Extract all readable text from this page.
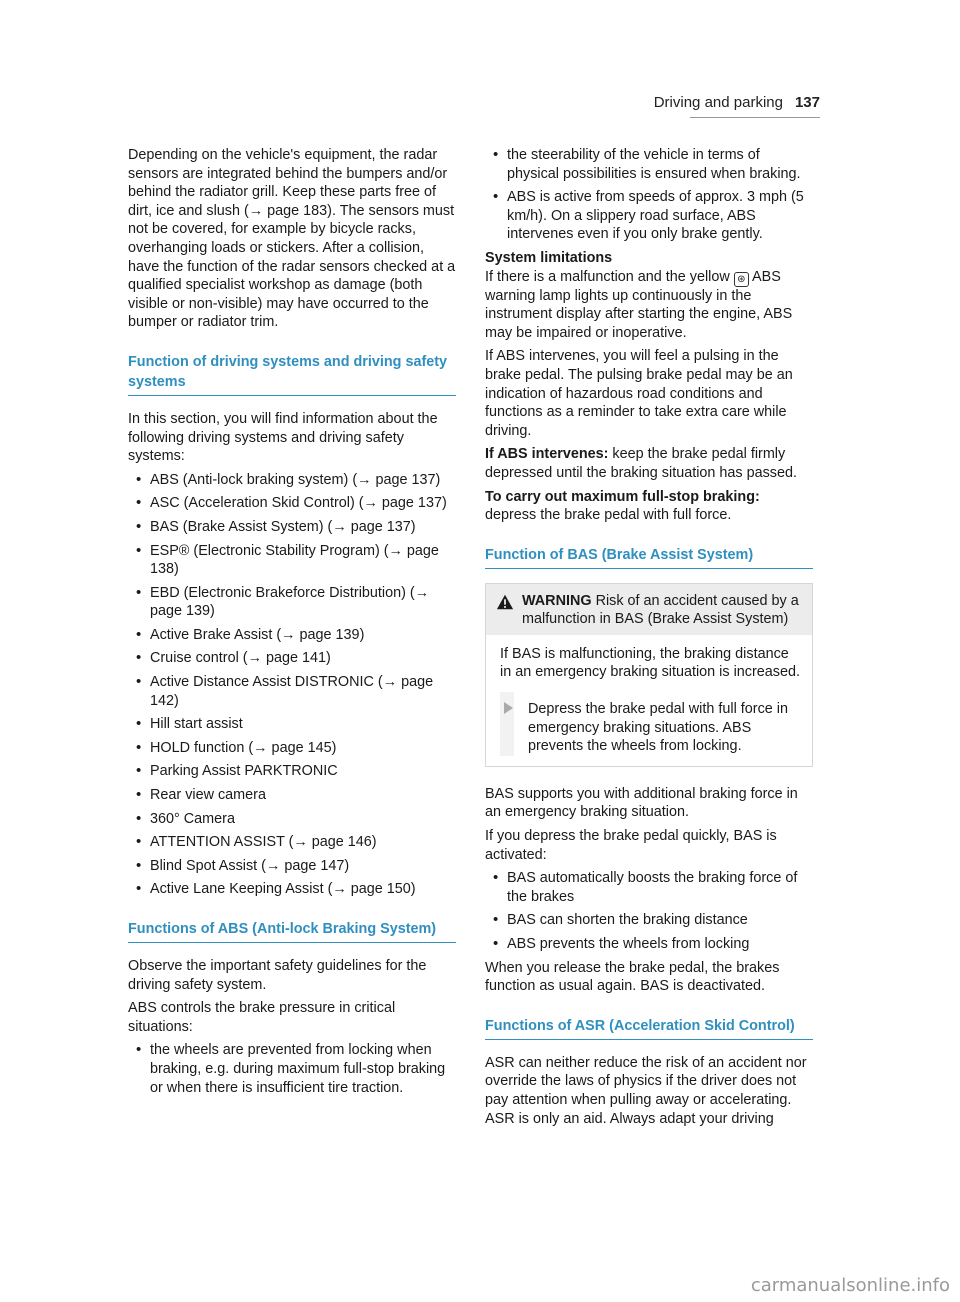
Driving and parking 137

Depending on the vehicle's equipment, the radar sensors are integrated behind the bumpers and/or behind the radiator grill. Keep these parts free of dirt, ice and slush (→ page 183). The sensors must not be covered, for example by bicycle racks, overhanging loads or stickers. After a collision, have the function of the radar sensors checked at a qualified specialist workshop as damage (both visible or non-visible) may have occurred to the bumper or radiator trim.

Function of driving systems and driving safety systems

In this section, you will find information about the following driving systems and driving safety systems:

• ABS (Anti-lock braking system) (→ page 137)
• ASC (Acceleration Skid Control) (→ page 137)
• BAS (Brake Assist System) (→ page 137)
• ESP® (Electronic Stability Program) (→ page 138)
• EBD (Electronic Brakeforce Distribution) (→ page 139)
• Active Brake Assist (→ page 139)
• Cruise control (→ page 141)
• Active Distance Assist DISTRONIC (→ page 142)
• Hill start assist
• HOLD function (→ page 145)
• Parking Assist PARKTRONIC
• Rear view camera
• 360° Camera
• ATTENTION ASSIST (→ page 146)
• Blind Spot Assist (→ page 147)
• Active Lane Keeping Assist (→ page 150)
Functions of ABS (Anti-lock Braking System)

Observe the important safety guidelines for the driving safety system.

ABS controls the brake pressure in critical situations:

• the wheels are prevented from locking when braking, e.g. during maximum full-stop braking or when there is insufficient tire traction.
• the steerability of the vehicle in terms of physical possibilities is ensured when braking.
• ABS is active from speeds of approx. 3 mph (5 km/h). On a slippery road surface, ABS intervenes even if you only brake gently.

System limitations

If there is a malfunction and the yellow ⊛ ABS warning lamp lights up continuously in the instrument display after starting the engine, ABS may be impaired or inoperative.

If ABS intervenes, you will feel a pulsing in the brake pedal. The pulsing brake pedal may be an indication of hazardous road conditions and functions as a reminder to take extra care while driving.

If ABS intervenes: keep the brake pedal firmly depressed until the braking situation has passed.

To carry out maximum full-stop braking:
depress the brake pedal with full force.

Function of BAS (Brake Assist System)
WARNING Risk of an accident caused by a malfunction in BAS (Brake Assist System)

If BAS is malfunctioning, the braking distance in an emergency braking situation is increased.

Depress the brake pedal with full force in emergency braking situations. ABS prevents the wheels from locking.

BAS supports you with additional braking force in an emergency braking situation.

If you depress the brake pedal quickly, BAS is activated:

• BAS automatically boosts the braking force of the brakes
• BAS can shorten the braking distance
• ABS prevents the wheels from locking

When you release the brake pedal, the brakes function as usual again. BAS is deactivated.

Functions of ASR (Acceleration Skid Control)

ASR can neither reduce the risk of an accident nor override the laws of physics if the driver does not pay attention when pulling away or accelerating. ASR is only an aid. Always adapt your driving

carmanualsonline.info
